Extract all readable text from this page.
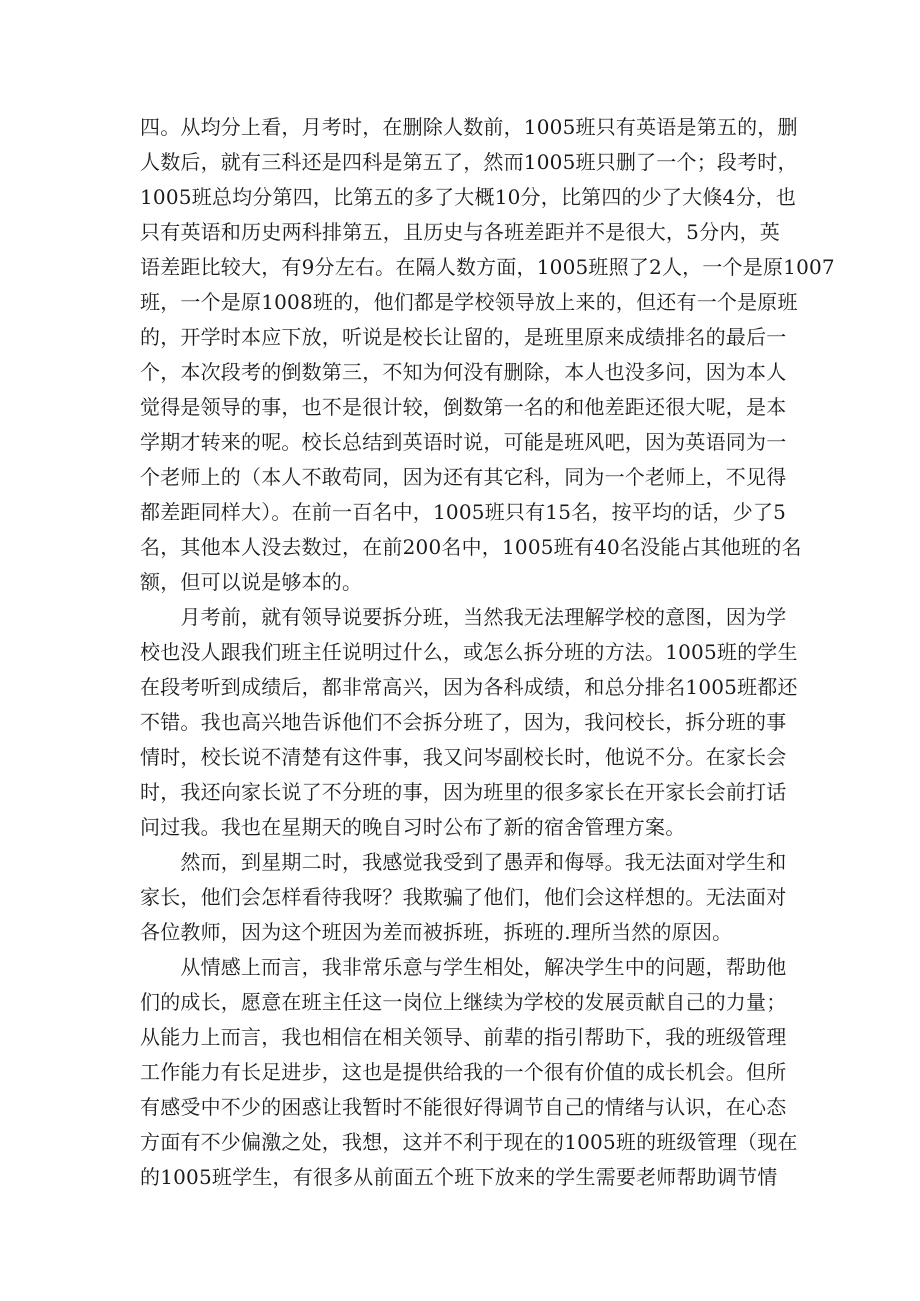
四。从均分上看，月考时，在删除人数前，1005班只有英语是第五的，删
人数后，就有三科还是四科是第五了，然而1005班只删了一个；段考时，
1005班总均分第四，比第五的多了大概10分，比第四的少了大倏4分，也
只有英语和历史两科排第五，且历史与各班差距并不是很大，5分内，英
语差距比较大，有9分左右。在隔人数方面，1005班照了2人，一个是原1007
班，一个是原1008班的，他们都是学校领导放上来的，但还有一个是原班
的，开学时本应下放，听说是校长让留的，是班里原来成绩排名的最后一
个，本次段考的倒数第三，不知为何没有删除，本人也没多问，因为本人
觉得是领导的事，也不是很计较，倒数第一名的和他差距还很大呢，是本
学期才转来的呢。校长总结到英语时说，可能是班风吧，因为英语同为一
个老师上的（本人不敢苟同，因为还有其它科，同为一个老师上，不见得
都差距同样大）。在前一百名中，1005班只有15名，按平均的话，少了5
名，其他本人没去数过，在前200名中，1005班有40名没能占其他班的名
额，但可以说是够本的。
　　月考前，就有领导说要拆分班，当然我无法理解学校的意图，因为学
校也没人跟我们班主任说明过什么，或怎么拆分班的方法。1005班的学生
在段考听到成绩后，都非常高兴，因为各科成绩，和总分排名1005班都还
不错。我也高兴地告诉他们不会拆分班了，因为，我问校长，拆分班的事
情时，校长说不清楚有这件事，我又问岑副校长时，他说不分。在家长会
时，我还向家长说了不分班的事，因为班里的很多家长在开家长会前打话
问过我。我也在星期天的晚自习时公布了新的宿舍管理方案。
　　然而，到星期二时，我感觉我受到了愚弄和侮辱。我无法面对学生和
家长，他们会怎样看待我呀？我欺骗了他们，他们会这样想的。无法面对
各位教师，因为这个班因为差而被拆班，拆班的.理所当然的原因。
　　从情感上而言，我非常乐意与学生相处，解决学生中的问题，帮助他
们的成长，愿意在班主任这一岗位上继续为学校的发展贡献自己的力量；
从能力上而言，我也相信在相关领导、前辈的指引帮助下，我的班级管理
工作能力有长足进步，这也是提供给我的一个很有价值的成长机会。但所
有感受中不少的困惑让我暂时不能很好得调节自己的情绪与认识，在心态
方面有不少偏激之处，我想，这并不利于现在的1005班的班级管理（现在
的1005班学生，有很多从前面五个班下放来的学生需要老师帮助调节情
